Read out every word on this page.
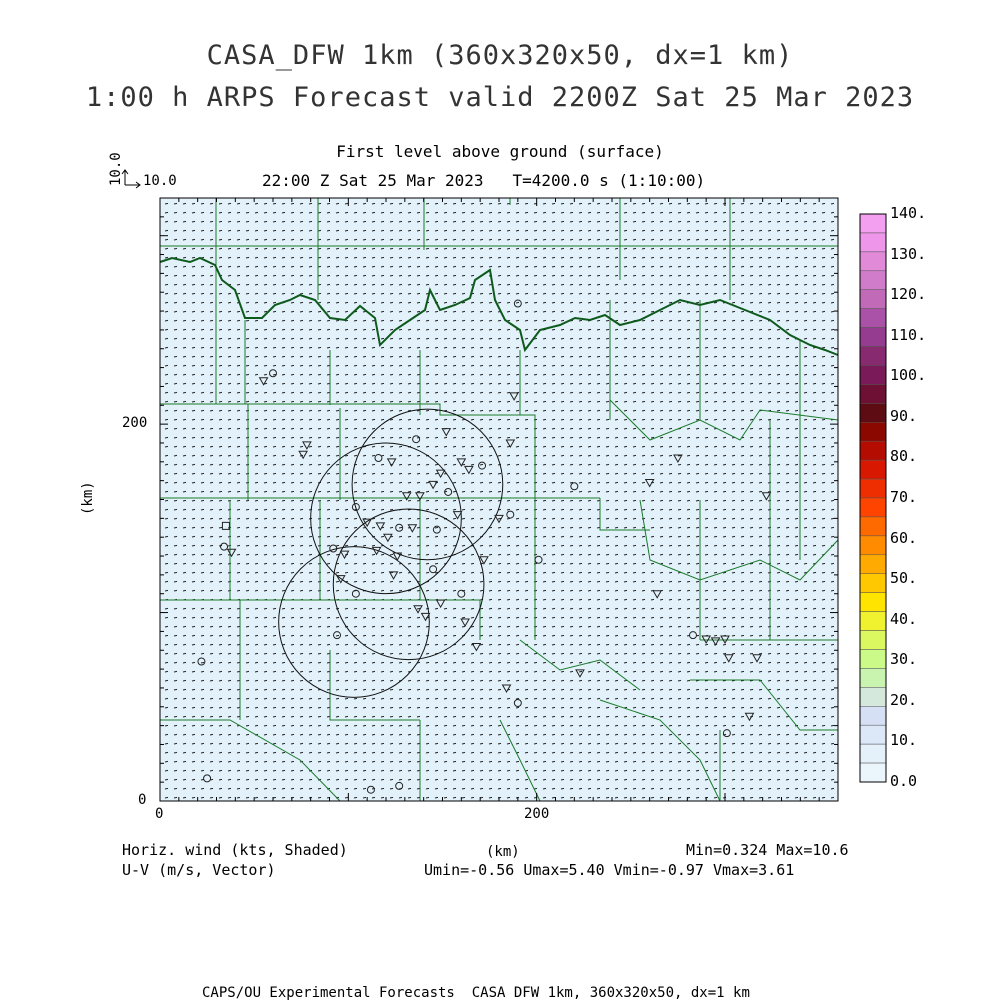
CASA_DFW 1km (360x320x50, dx=1 km)
1:00 h ARPS Forecast valid 2200Z Sat 25 Mar 2023
First level above ground (surface)
22:00 Z Sat 25 Mar 2023   T=4200.0 s (1:10:00)
10.0 10.0
(km)
200
0
0	200
140.
130.
120.
110.
100.
90.
80.
70.
60.
50.
40.
30.
20.
10.
0.0
Horiz. wind (kts, Shaded)
U-V (m/s, Vector)
(km)	Min=0.324 Max=10.6
Umin=-0.56 Umax=5.40 Vmin=-0.97 Vmax=3.61
CAPS/OU Experimental Forecasts  CASA DFW 1km, 360x320x50, dx=1 km
